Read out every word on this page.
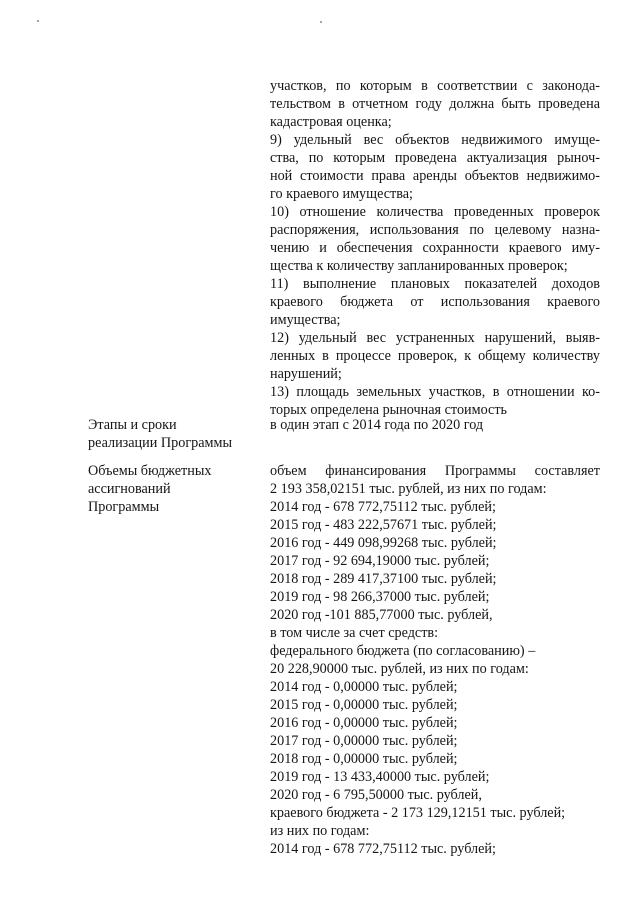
участков, по которым в соответствии с законода-
тельством в отчетном году должна быть проведена
кадастровая оценка;
9) удельный вес объектов недвижимого имуще-
ства, по которым проведена актуализация рыноч-
ной стоимости права аренды объектов недвижимо-
го краевого имущества;
10) отношение количества проведенных проверок
распоряжения, использования по целевому назна-
чению и обеспечения сохранности краевого иму-
щества к количеству запланированных проверок;
11) выполнение плановых показателей доходов
краевого бюджета от использования краевого
имущества;
12) удельный вес устраненных нарушений, выяв-
ленных в процессе проверок, к общему количеству
нарушений;
13) площадь земельных участков, в отношении ко-
торых определена рыночная стоимость
Этапы и сроки
реализации Программы
в один этап с 2014 года по 2020 год
Объемы бюджетных
ассигнований
Программы
объем финансирования Программы составляет
2 193 358,02151 тыс. рублей, из них по годам:
2014 год - 678 772,75112 тыс. рублей;
2015 год - 483 222,57671 тыс. рублей;
2016 год - 449 098,99268 тыс. рублей;
2017 год - 92 694,19000 тыс. рублей;
2018 год - 289 417,37100 тыс. рублей;
2019 год - 98 266,37000 тыс. рублей;
2020 год -101 885,77000 тыс. рублей,
в том числе за счет средств:
федерального бюджета (по согласованию) –
20 228,90000 тыс. рублей, из них по годам:
2014 год - 0,00000 тыс. рублей;
2015 год - 0,00000 тыс. рублей;
2016 год - 0,00000 тыс. рублей;
2017 год - 0,00000 тыс. рублей;
2018 год - 0,00000 тыс. рублей;
2019 год - 13 433,40000 тыс. рублей;
2020 год - 6 795,50000 тыс. рублей,
краевого бюджета - 2 173 129,12151 тыс. рублей;
из них по годам:
2014 год - 678 772,75112 тыс. рублей;
